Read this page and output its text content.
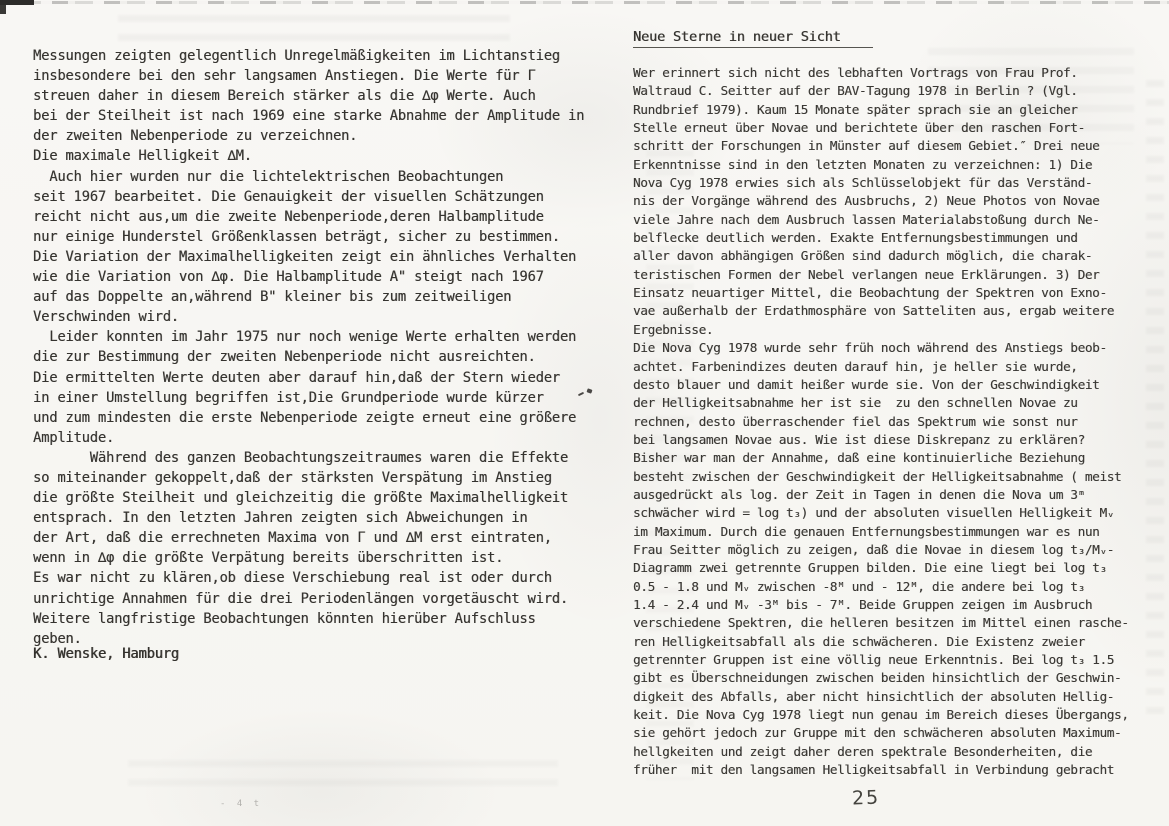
Messungen zeigten gelegentlich Unregelmäßigkeiten im Lichtanstieg
insbesondere bei den sehr langsamen Anstiegen. Die Werte für Γ
streuen daher in diesem Bereich stärker als die ∆φ Werte. Auch
bei der Steilheit ist nach 1969 eine starke Abnahme der Amplitude in
der zweiten Nebenperiode zu verzeichnen.
Die maximale Helligkeit ∆M.
Auch hier wurden nur die lichtelektrischen Beobachtungen
seit 1967 bearbeitet. Die Genauigkeit der visuellen Schätzungen
reicht nicht aus,um die zweite Nebenperiode,deren Halbamplitude
nur einige Hunderstel Größenklassen beträgt, sicher zu bestimmen.
Die Variation der Maximalhelligkeiten zeigt ein ähnliches Verhalten
wie die Variation von ∆φ. Die Halbamplitude A" steigt nach 1967
auf das Doppelte an,während B" kleiner bis zum zeitweiligen
Verschwinden wird.
Leider konnten im Jahr 1975 nur noch wenige Werte erhalten werden
die zur Bestimmung der zweiten Nebenperiode nicht ausreichten.
Die ermittelten Werte deuten aber darauf hin,daß der Stern wieder
in einer Umstellung begriffen ist,Die Grundperiode wurde kürzer
und zum mindesten die erste Nebenperiode zeigte erneut eine größere
Amplitude.
Während des ganzen Beobachtungszeitraumes waren die Effekte
so miteinander gekoppelt,daß der stärksten Verspätung im Anstieg
die größte Steilheit und gleichzeitig die größte Maximalhelligkeit
entsprach. In den letzten Jahren zeigten sich Abweichungen in
der Art, daß die errechneten Maxima von Γ und ∆M erst eintraten,
wenn in ∆φ die größte Verpätung bereits überschritten ist.
Es war nicht zu klären,ob diese Verschiebung real ist oder durch
unrichtige Annahmen für die drei Periodenlängen vorgetäuscht wird.
Weitere langfristige Beobachtungen könnten hierüber Aufschluss
geben.
K. Wenske, Hamburg
- 4 t
Neue Sterne in neuer Sicht
Wer erinnert sich nicht des lebhaften Vortrags von Frau Prof.
Waltraud C. Seitter auf der BAV-Tagung 1978 in Berlin ? (Vgl.
Rundbrief 1979). Kaum 15 Monate später sprach sie an gleicher
Stelle erneut über Novae und berichtete über den raschen Fort-
schritt der Forschungen in Münster auf diesem Gebiet.″ Drei neue
Erkenntnisse sind in den letzten Monaten zu verzeichnen: 1) Die
Nova Cyg 1978 erwies sich als Schlüsselobjekt für das Verständ-
nis der Vorgänge während des Ausbruchs, 2) Neue Photos von Novae
viele Jahre nach dem Ausbruch lassen Materialabstoßung durch Ne-
belflecke deutlich werden. Exakte Entfernungsbestimmungen und
aller davon abhängigen Größen sind dadurch möglich, die charak-
teristischen Formen der Nebel verlangen neue Erklärungen. 3) Der
Einsatz neuartiger Mittel, die Beobachtung der Spektren von Exno-
vae außerhalb der Erdathmosphäre von Satteliten aus, ergab weitere
Ergebnisse.
Die Nova Cyg 1978 wurde sehr früh noch während des Anstiegs beob-
achtet. Farbenindizes deuten darauf hin, je heller sie wurde,
desto blauer und damit heißer wurde sie. Von der Geschwindigkeit
der Helligkeitsabnahme her ist sie  zu den schnellen Novae zu
rechnen, desto überraschender fiel das Spektrum wie sonst nur
bei langsamen Novae aus. Wie ist diese Diskrepanz zu erklären?
Bisher war man der Annahme, daß eine kontinuierliche Beziehung
besteht zwischen der Geschwindigkeit der Helligkeitsabnahme ( meist
ausgedrückt als log. der Zeit in Tagen in denen die Nova um 3ᵐ
schwächer wird = log t₃) und der absoluten visuellen Helligkeit Mᵥ
im Maximum. Durch die genauen Entfernungsbestimmungen war es nun
Frau Seitter möglich zu zeigen, daß die Novae in diesem log t₃/Mᵥ-
Diagramm zwei getrennte Gruppen bilden. Die eine liegt bei log t₃
0.5 - 1.8 und Mᵥ zwischen -8ᴹ und - 12ᴹ, die andere bei log t₃
1.4 - 2.4 und Mᵥ -3ᴹ bis - 7ᴹ. Beide Gruppen zeigen im Ausbruch
verschiedene Spektren, die helleren besitzen im Mittel einen rasche-
ren Helligkeitsabfall als die schwächeren. Die Existenz zweier
getrennter Gruppen ist eine völlig neue Erkenntnis. Bei log t₃ 1.5
gibt es Überschneidungen zwischen beiden hinsichtlich der Geschwin-
digkeit des Abfalls, aber nicht hinsichtlich der absoluten Hellig-
keit. Die Nova Cyg 1978 liegt nun genau im Bereich dieses Übergangs,
sie gehört jedoch zur Gruppe mit den schwächeren absoluten Maximum-
hellgkeiten und zeigt daher deren spektrale Besonderheiten, die
früher  mit den langsamen Helligkeitsabfall in Verbindung gebracht
25
